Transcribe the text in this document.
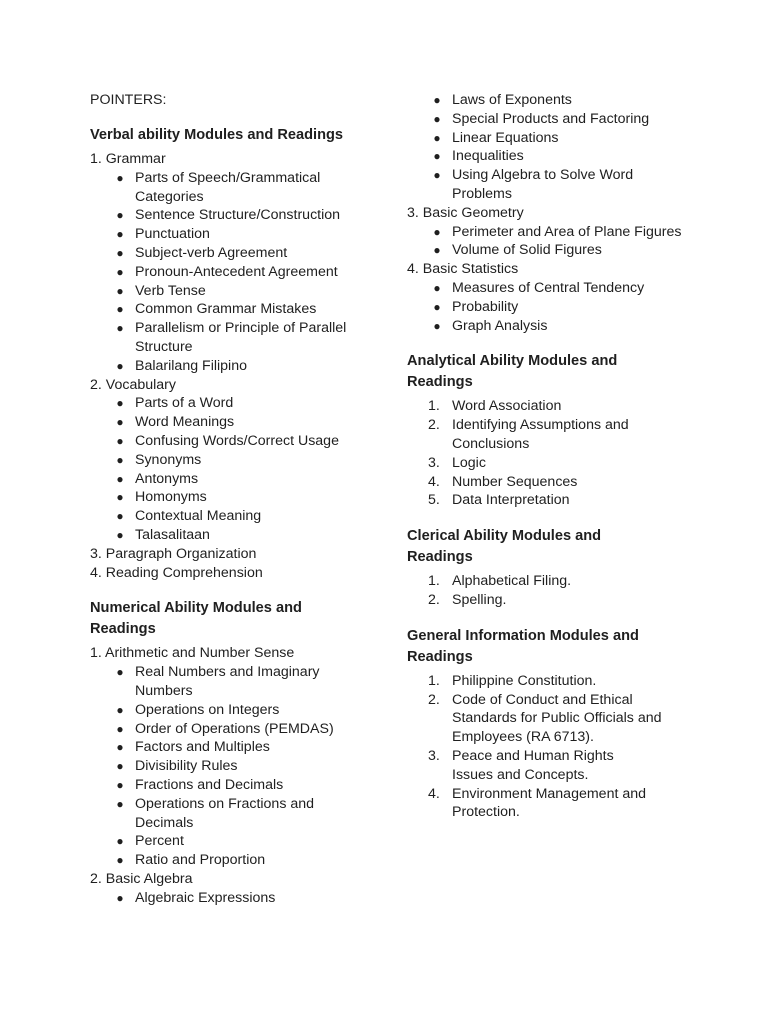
POINTERS:
Verbal ability Modules and Readings
1. Grammar
● Parts of Speech/Grammatical Categories
● Sentence Structure/Construction
● Punctuation
● Subject-verb Agreement
● Pronoun-Antecedent Agreement
● Verb Tense
● Common Grammar Mistakes
● Parallelism or Principle of Parallel Structure
● Balarilang Filipino
2. Vocabulary
● Parts of a Word
● Word Meanings
● Confusing Words/Correct Usage
● Synonyms
● Antonyms
● Homonyms
● Contextual Meaning
● Talasalitaan
3. Paragraph Organization
4. Reading Comprehension
Numerical Ability Modules and Readings
1. Arithmetic and Number Sense
● Real Numbers and Imaginary Numbers
● Operations on Integers
● Order of Operations (PEMDAS)
● Factors and Multiples
● Divisibility Rules
● Fractions and Decimals
● Operations on Fractions and Decimals
● Percent
● Ratio and Proportion
2. Basic Algebra
● Algebraic Expressions
● Laws of Exponents
● Special Products and Factoring
● Linear Equations
● Inequalities
● Using Algebra to Solve Word Problems
3. Basic Geometry
● Perimeter and Area of Plane Figures
● Volume of Solid Figures
4. Basic Statistics
● Measures of Central Tendency
● Probability
● Graph Analysis
Analytical Ability Modules and Readings
1. Word Association
2. Identifying Assumptions and Conclusions
3. Logic
4. Number Sequences
5. Data Interpretation
Clerical Ability Modules and Readings
1. Alphabetical Filing.
2. Spelling.
General Information Modules and Readings
1. Philippine Constitution.
2. Code of Conduct and Ethical Standards for Public Officials and Employees (RA 6713).
3. Peace and Human Rights Issues and Concepts.
4. Environment Management and Protection.
